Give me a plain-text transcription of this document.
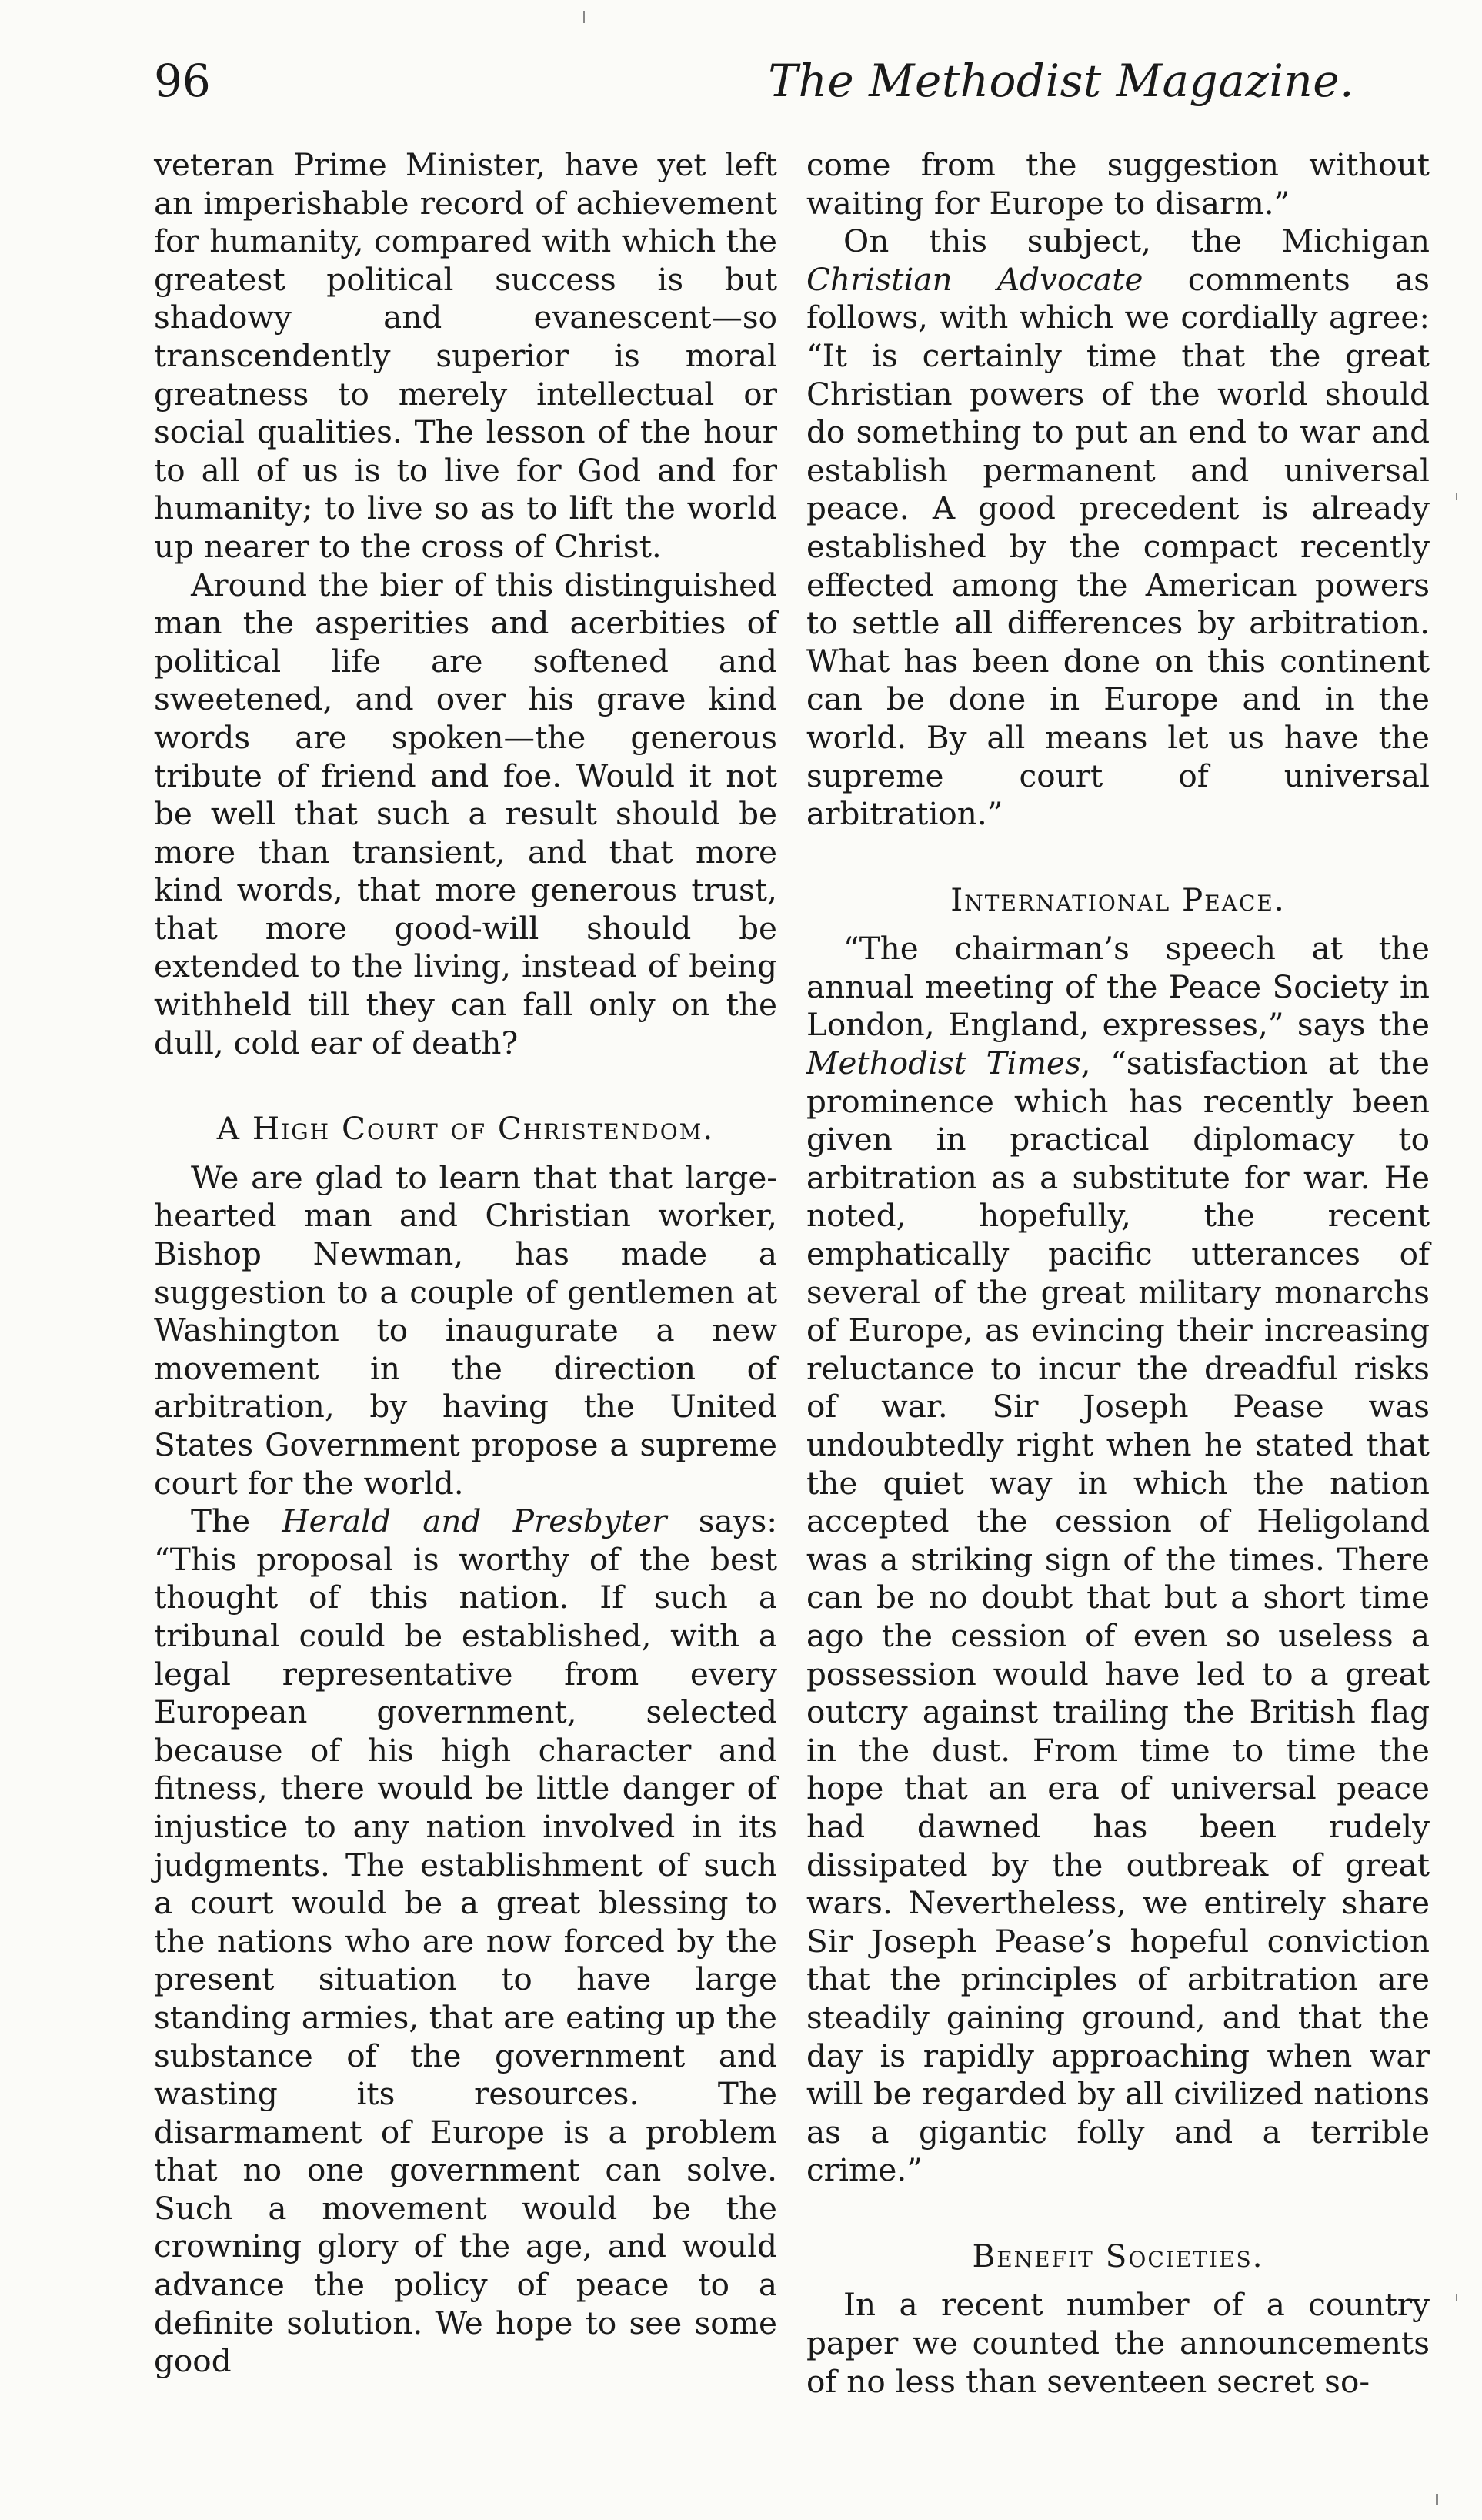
96	The Methodist Magazine.

veteran Prime Minister, have yet left an imperishable record of achievement for humanity, compared with which the greatest political success is but shadowy and evanescent—so transcendently superior is moral greatness to merely intellectual or social qualities. The lesson of the hour to all of us is to live for God and for humanity; to live so as to lift the world up nearer to the cross of Christ.

Around the bier of this distinguished man the asperities and acerbities of political life are softened and sweetened, and over his grave kind words are spoken—the generous tribute of friend and foe. Would it not be well that such a result should be more than transient, and that more kind words, that more generous trust, that more good-will should be extended to the living, instead of being withheld till they can fall only on the dull, cold ear of death?

A High Court of Christendom.

We are glad to learn that that large-hearted man and Christian worker, Bishop Newman, has made a suggestion to a couple of gentlemen at Washington to inaugurate a new movement in the direction of arbitration, by having the United States Government propose a supreme court for the world.

The Herald and Presbyter says: “This proposal is worthy of the best thought of this nation. If such a tribunal could be established, with a legal representative from every European government, selected because of his high character and fitness, there would be little danger of injustice to any nation involved in its judgments. The establishment of such a court would be a great blessing to the nations who are now forced by the present situation to have large standing armies, that are eating up the substance of the government and wasting its resources. The disarmament of Europe is a problem that no one government can solve. Such a movement would be the crowning glory of the age, and would advance the policy of peace to a definite solution. We hope to see some good

come from the suggestion without waiting for Europe to disarm.”

On this subject, the Michigan Christian Advocate comments as follows, with which we cordially agree: “It is certainly time that the great Christian powers of the world should do something to put an end to war and establish permanent and universal peace. A good precedent is already established by the compact recently effected among the American powers to settle all differences by arbitration. What has been done on this continent can be done in Europe and in the world. By all means let us have the supreme court of universal arbitration.”

International Peace.

“The chairman’s speech at the annual meeting of the Peace Society in London, England, expresses,” says the Methodist Times, “satisfaction at the prominence which has recently been given in practical diplomacy to arbitration as a substitute for war. He noted, hopefully, the recent emphatically pacific utterances of several of the great military monarchs of Europe, as evincing their increasing reluctance to incur the dreadful risks of war. Sir Joseph Pease was undoubtedly right when he stated that the quiet way in which the nation accepted the cession of Heligoland was a striking sign of the times. There can be no doubt that but a short time ago the cession of even so useless a possession would have led to a great outcry against trailing the British flag in the dust. From time to time the hope that an era of universal peace had dawned has been rudely dissipated by the outbreak of great wars. Nevertheless, we entirely share Sir Joseph Pease’s hopeful conviction that the principles of arbitration are steadily gaining ground, and that the day is rapidly approaching when war will be regarded by all civilized nations as a gigantic folly and a terrible crime.”

Benefit Societies.

In a recent number of a country paper we counted the announcements of no less than seventeen secret so-
